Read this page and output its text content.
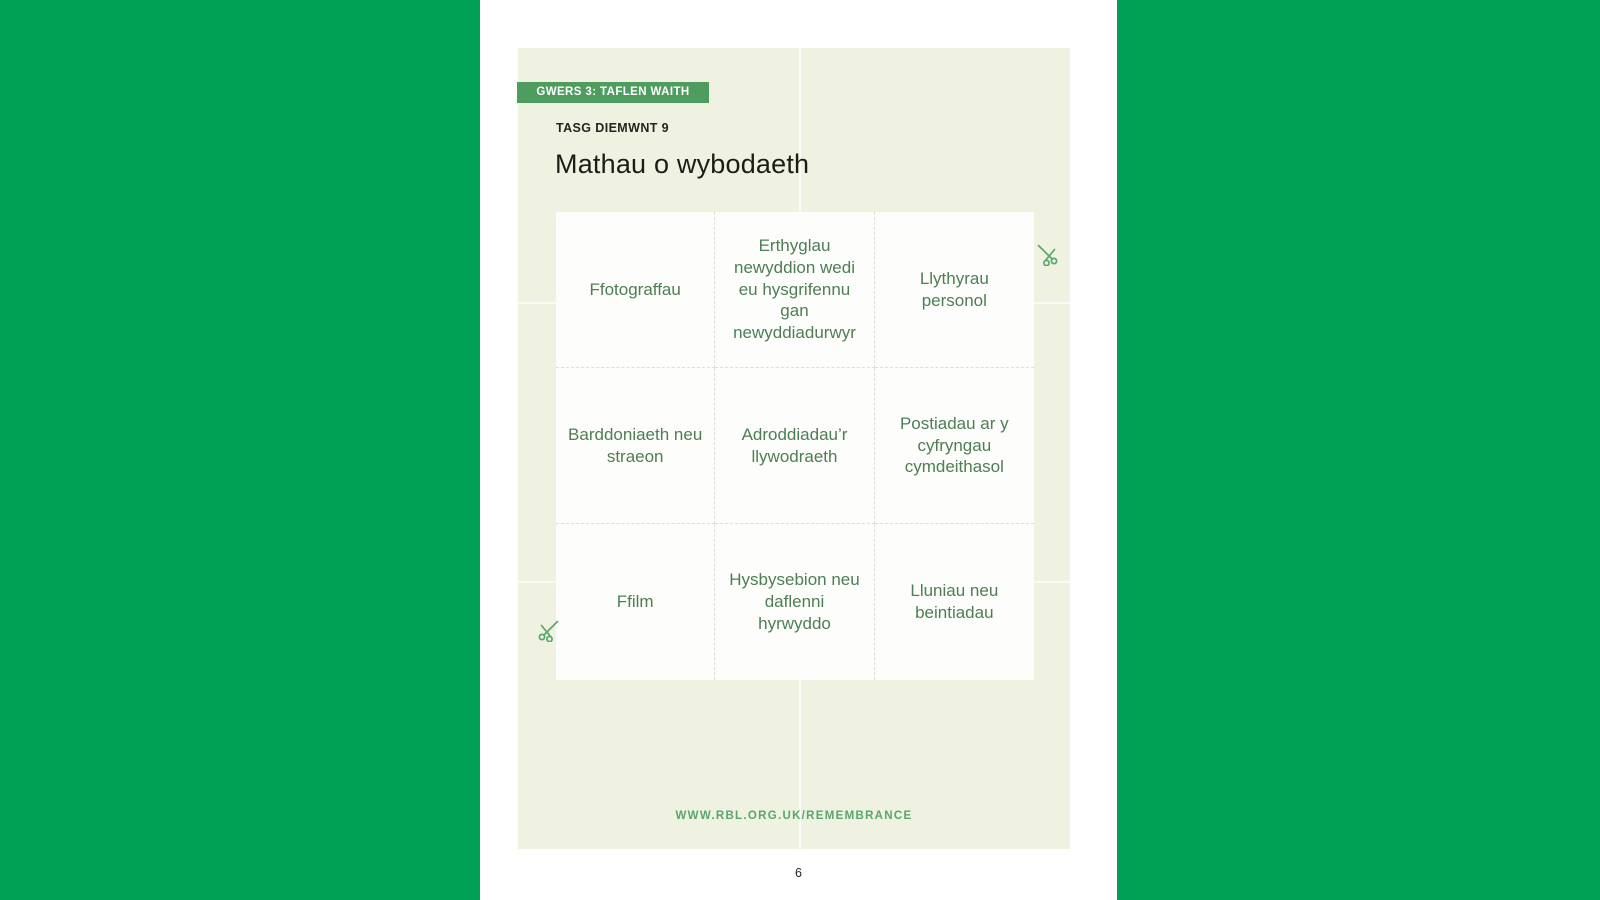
GWERS 3: TAFLEN WAITH
TASG DIEMWNT 9
Mathau o wybodaeth
Ffotograffau
Erthyglau newyddion wedi eu hysgrifennu gan newyddiadurwyr
Llythyrau personol
Barddoniaeth neu straeon
Adroddiadau’r llywodraeth
Postiadau ar y cyfryngau cymdeithasol
Ffilm
Hysbysebion neu daflenni hyrwyddo
Lluniau neu beintiadau
WWW.RBL.ORG.UK/REMEMBRANCE
6
